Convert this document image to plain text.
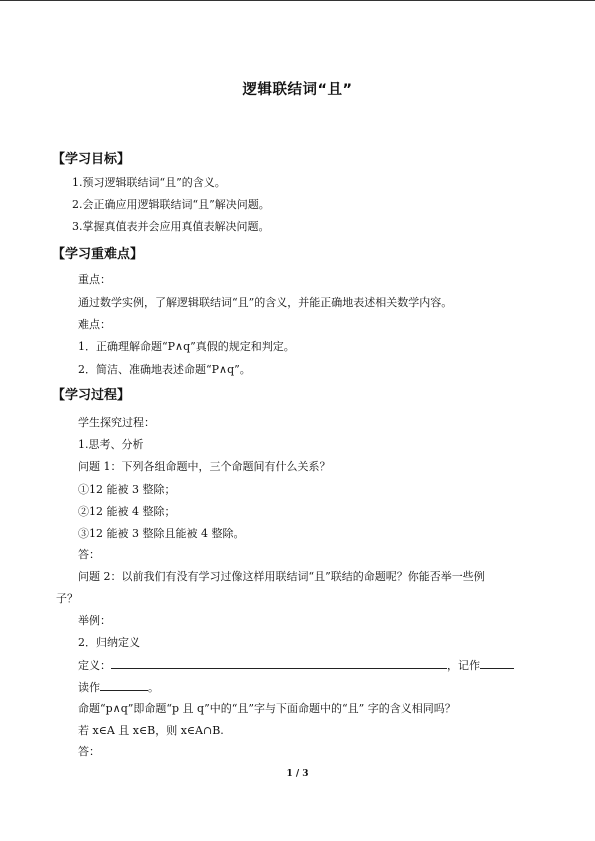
逻辑联结词“且”
【学习目标】
1.预习逻辑联结词“且”的含义。
2.会正确应用逻辑联结词“且”解决问题。
3.掌握真值表并会应用真值表解决问题。
【学习重难点】
重点：
通过数学实例，了解逻辑联结词“且”的含义，并能正确地表述相关数学内容。
难点：
1．正确理解命题“P∧q”真假的规定和判定。
2．简洁、准确地表述命题“P∧q”。
【学习过程】
学生探究过程：
1.思考、分析
问题 1：下列各组命题中，三个命题间有什么关系？
①12 能被 3 整除；
②12 能被 4 整除；
③12 能被 3 整除且能被 4 整除。
答：
问题 2：以前我们有没有学习过像这样用联结词“且”联结的命题呢？你能否举一些例
子？
举例：
2．归纳定义
定义：	，记作
读作	。
命题“p∧q”即命题“p 且 q”中的“且”字与下面命题中的“且” 字的含义相同吗？
若 x∈A 且 x∈B，则 x∈A∩B.
答：
1 / 3
